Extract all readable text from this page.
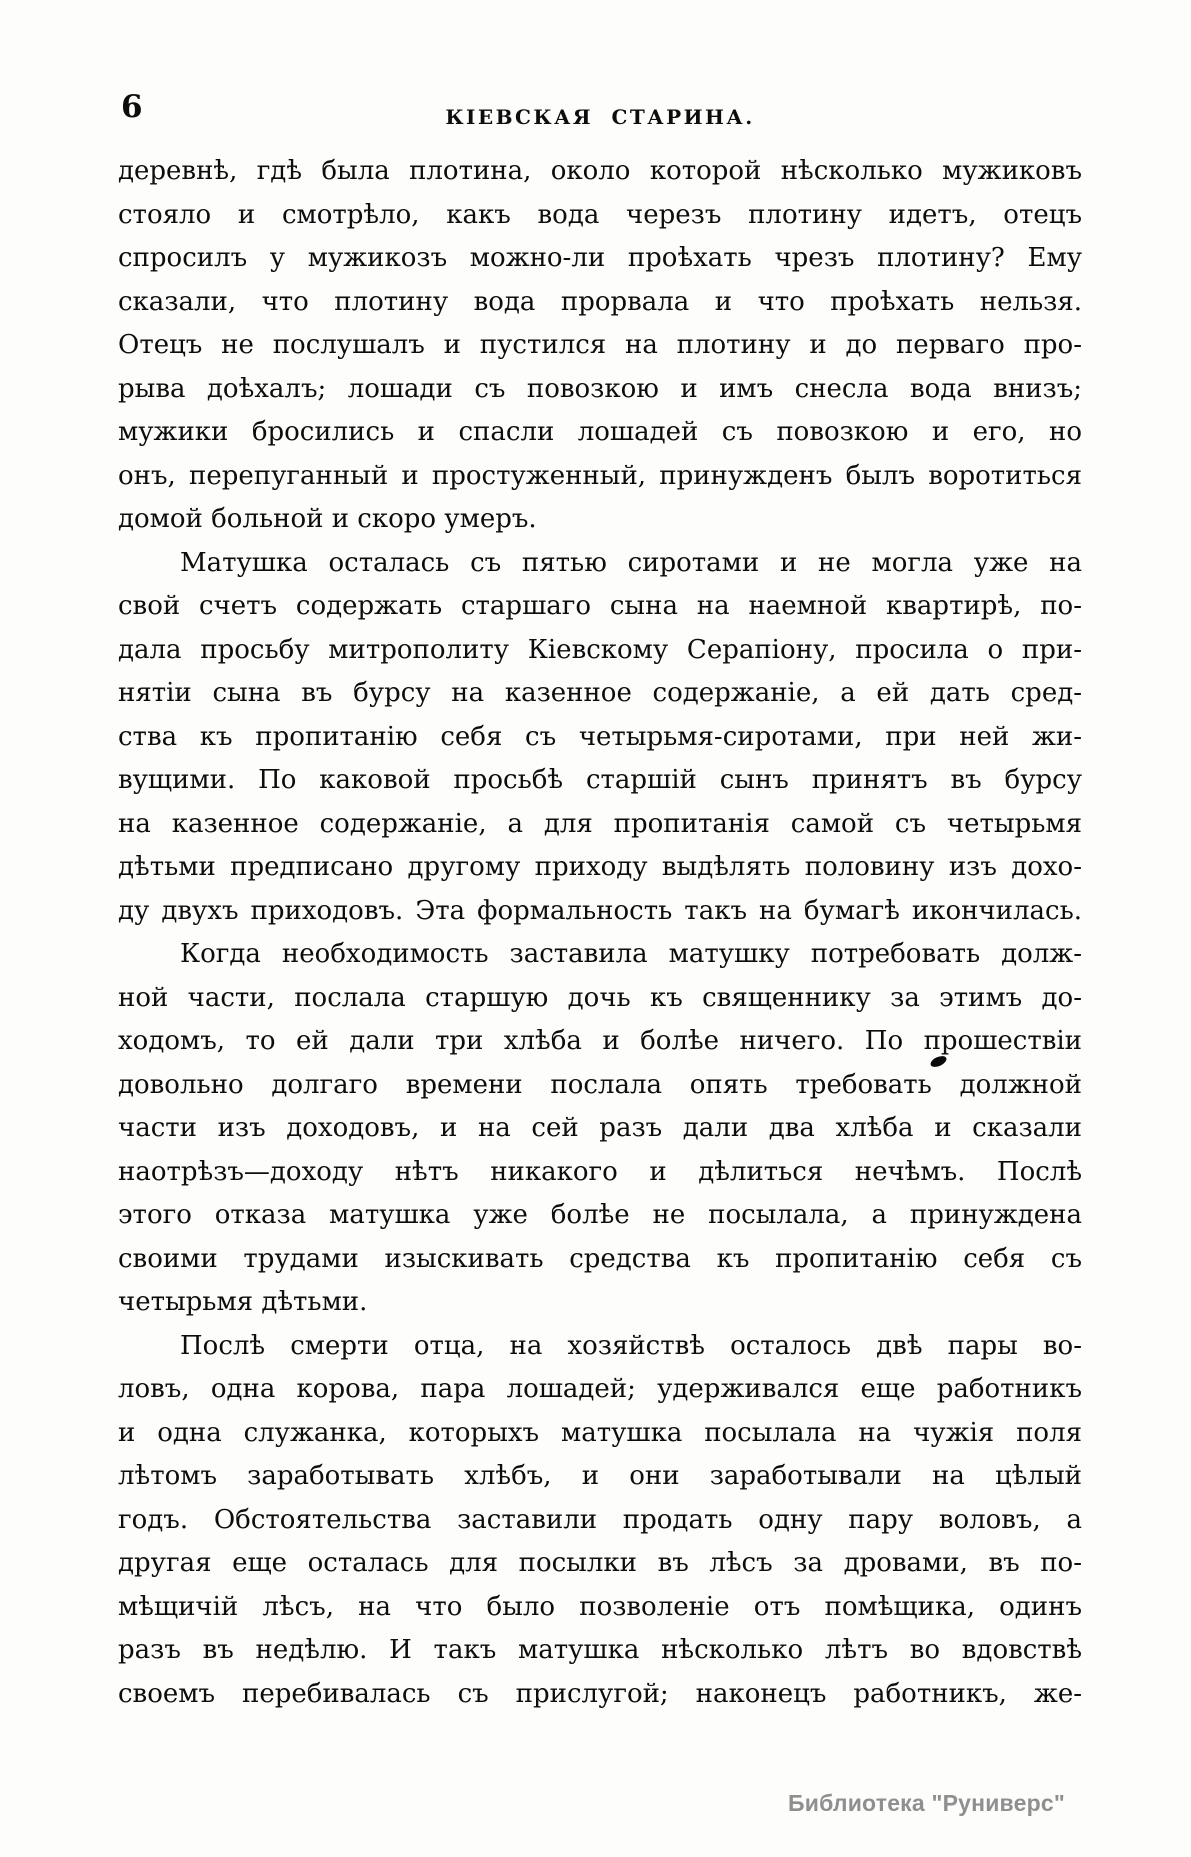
6	КІЕВСКАЯ СТАРИНА.
деревнѣ, гдѣ была плотина, около которой нѣсколько мужиковъ
стояло и смотрѣло, какъ вода черезъ плотину идетъ, отецъ
спросилъ у мужикозъ можно-ли проѣхать чрезъ плотину? Ему
сказали, что плотину вода прорвала и что проѣхать нельзя.
Отецъ не послушалъ и пустился на плотину и до перваго про-
рыва доѣхалъ; лошади съ повозкою и имъ снесла вода внизъ;
мужики бросились и спасли лошадей съ повозкою и его, но
онъ, перепуганный и простуженный, принужденъ былъ воротиться
домой больной и скоро умеръ.
Матушка осталась съ пятью сиротами и не могла уже на
свой счетъ содержать старшаго сына на наемной квартирѣ, по-
дала просьбу митрополиту Кіевскому Серапіону, просила о при-
нятіи сына въ бурсу на казенное содержаніе, а ей дать сред-
ства къ пропитанію себя съ четырьмя-сиротами, при ней жи-
вущими. По каковой просьбѣ старшій сынъ принятъ въ бурсу
на казенное содержаніе, а для пропитанія самой съ четырьмя
дѣтьми предписано другому приходу выдѣлять половину изъ дохо-
ду двухъ приходовъ. Эта формальность такъ на бумагѣ икончилась.
Когда необходимость заставила матушку потребовать долж-
ной части, послала старшую дочь къ священнику за этимъ до-
ходомъ, то ей дали три хлѣба и болѣе ничего. По прошествіи
довольно долгаго времени послала опять требовать должной
части изъ доходовъ, и на сей разъ дали два хлѣба и сказали
наотрѣзъ—доходу нѣтъ никакого и дѣлиться нечѣмъ. Послѣ
этого отказа матушка уже болѣе не посылала, а принуждена
своими трудами изыскивать средства къ пропитанію себя съ
четырьмя дѣтьми.
Послѣ смерти отца, на хозяйствѣ осталось двѣ пары во-
ловъ, одна корова, пара лошадей; удерживался еще работникъ
и одна служанка, которыхъ матушка посылала на чужія поля
лѣтомъ заработывать хлѣбъ, и они заработывали на цѣлый
годъ. Обстоятельства заставили продать одну пару воловъ, а
другая еще осталась для посылки въ лѣсъ за дровами, въ по-
мѣщичій лѣсъ, на что было позволеніе отъ помѣщика, одинъ
разъ въ недѣлю. И такъ матушка нѣсколько лѣтъ во вдовствѣ
своемъ перебивалась съ прислугой; наконецъ работникъ, же-
Библиотека "Руниверс"
